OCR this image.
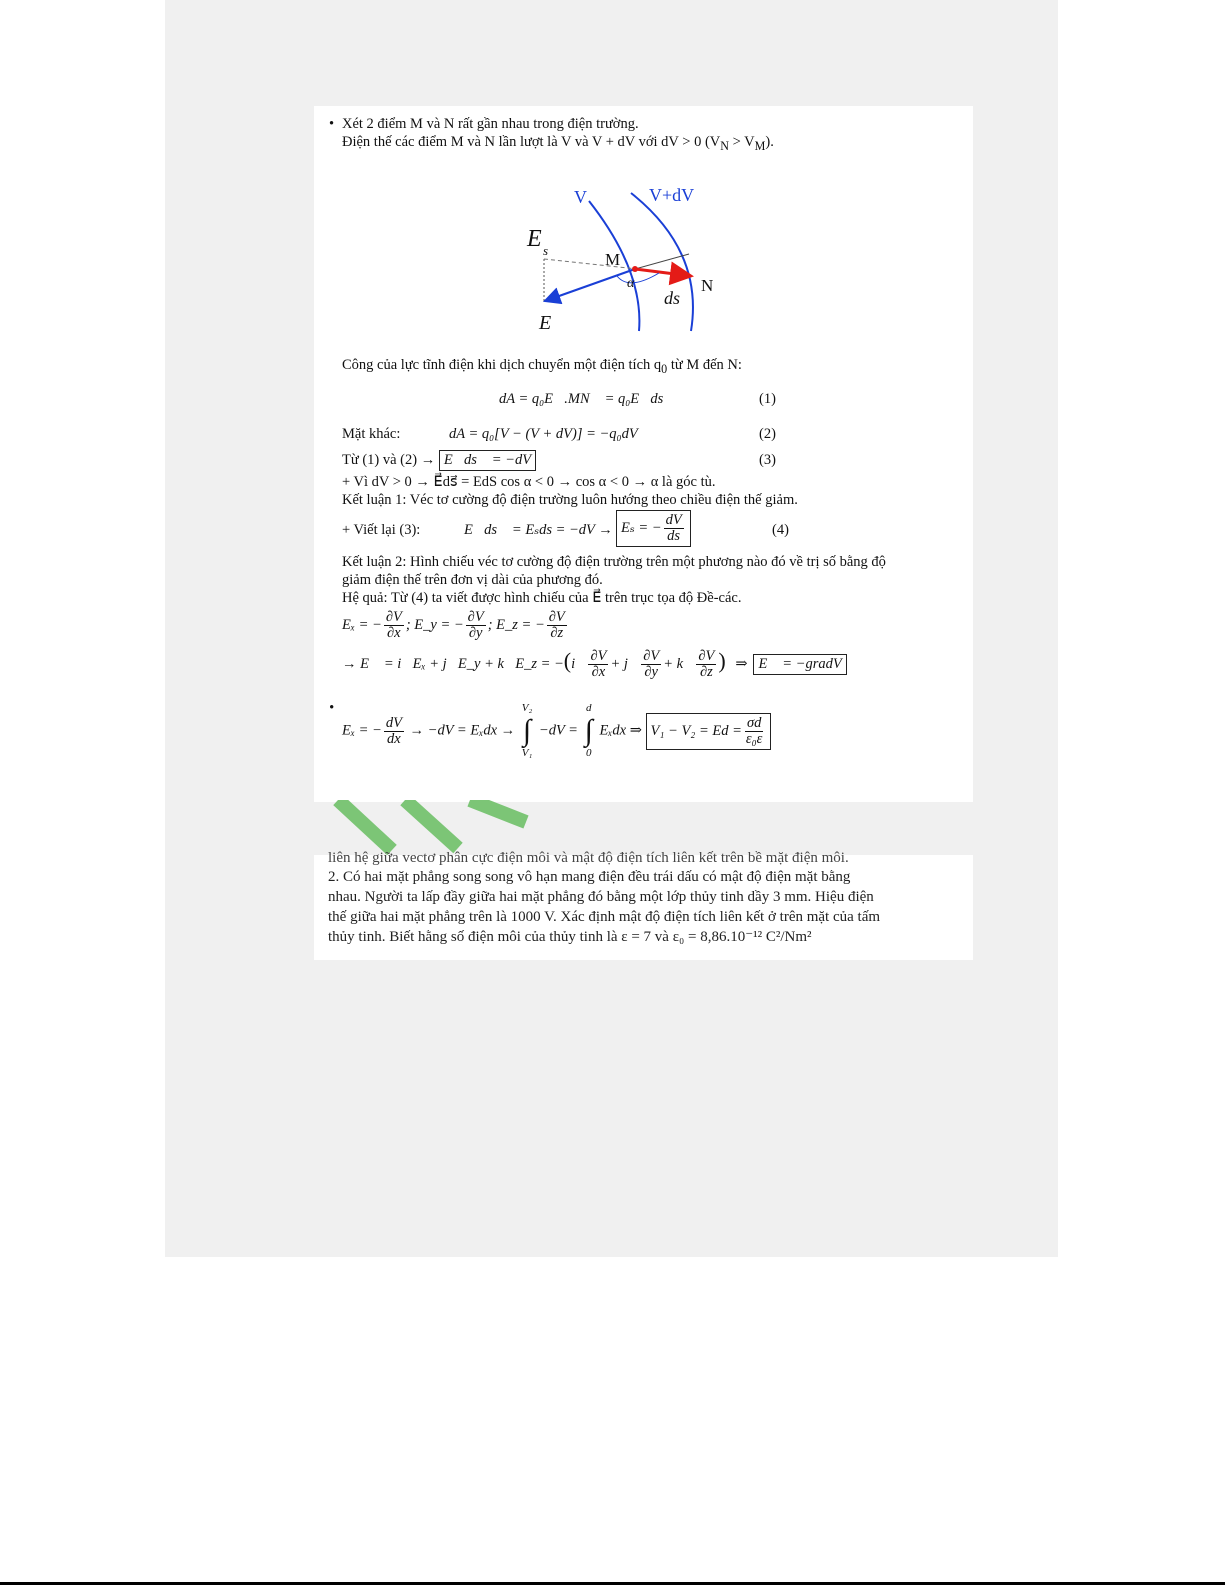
• Xét 2 điểm M và N rất gần nhau trong điện trường.
Điện thế các điểm M và N lần lượt là V và V + dV với dV > 0 $(V_N > V_M)$.
V	V+dV
E s	M
N
α
ds
E
Công của lực tĩnh điện khi dịch chuyển một điện tích $q_0$ từ M đến N:
dA = q₀E⃗.MN⃗ = q₀E⃗ds⃗	(1)
Mặt khác:	dA = q₀[V − (V + dV)] = −q₀dV	(2)
Từ (1) và (2) → E⃗ds⃗ = −dV	(3)
+ Vì dV > 0 → E⃗ds⃗ = EdS cos α < 0 → cos α < 0 → α là góc tù.
Kết luận 1: Véc tơ cường độ điện trường luôn hướng theo chiều điện thế giảm.
+ Viết lại (3):	E⃗ds⃗ = Eₛds = −dV → Eₛ = − $\frac{dV}{ds}$	(4)
Kết luận 2: Hình chiếu véc tơ cường độ điện trường trên một phương nào đó về trị số bằng độ
giảm điện thế trên đơn vị dài của phương đó.
Hệ quả: Từ (4) ta viết được hình chiếu của E⃗ trên trục tọa độ Đề-các.
Eₓ = − $\frac{\partial V}{\partial x}$ ; E_y = − $\frac{\partial V}{\partial y}$ ; E_z = − $\frac{\partial V}{\partial z}$
→ E⃗ = i⃗Eₓ + j⃗E_y + k⃗E_z = −(i⃗ $\frac{\partial V}{\partial x}$ + j⃗ $\frac{\partial V}{\partial y}$ + k⃗ $\frac{\partial V}{\partial z}$ ) ⇒ E⃗ = −gradV
• Eₓ = − $\frac{dV}{dx} \to -dV = E_xdx$ →
V₂
∫
V₁
−dV =
d
∫
0
Eₓdx ⇒ $V_1 - V_2 = Ed = \frac{\sigma d}{\text{ε₀ε}}$
liên hệ giữa vectơ phân cực điện môi và mật độ điện tích liên kết trên bề mặt điện môi.
2. Có hai mặt phẳng song song vô hạn mang điện đều trái dấu có mật độ điện mặt bằng
nhau. Người ta lấp đầy giữa hai mặt phẳng đó bằng một lớp thủy tinh dầy 3 mm. Hiệu điện
thế giữa hai mặt phẳng trên là 1000 V. Xác định mật độ điện tích liên kết ở trên mặt của tấm
thủy tinh. Biết hằng số điện môi của thủy tinh là ε = 7 và ε₀ = 8,86.10⁻¹² C²/Nm²
